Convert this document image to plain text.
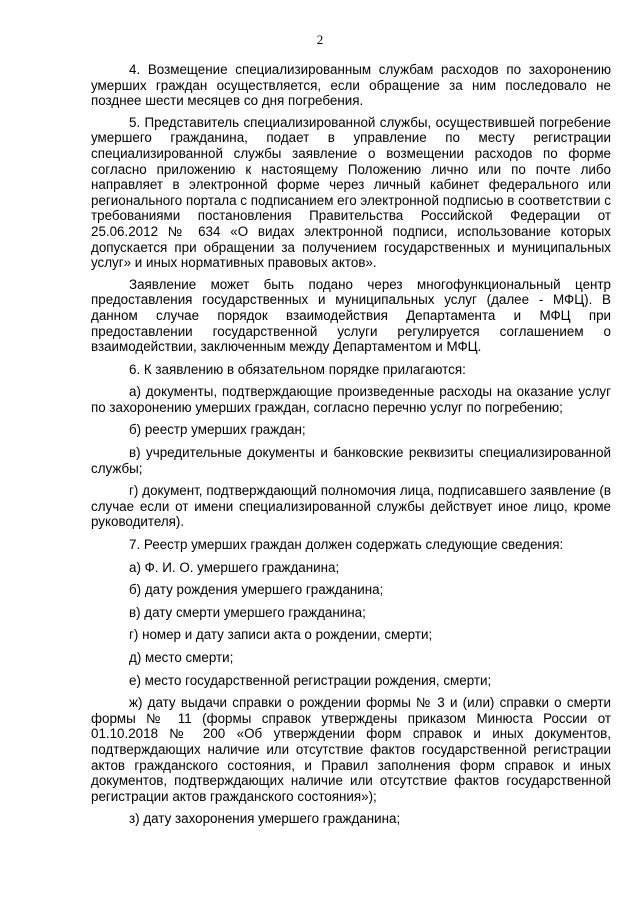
2

4. Возмещение специализированным службам расходов по захоронению умерших граждан осуществляется, если обращение за ним последовало не позднее шести месяцев со дня погребения.

5. Представитель специализированной службы, осуществившей погребение умершего гражданина, подает в управление по месту регистрации специализированной службы заявление о возмещении расходов по форме согласно приложению к настоящему Положению лично или по почте либо направляет в электронной форме через личный кабинет федерального или регионального портала с подписанием его электронной подписью в соответствии с требованиями постановления Правительства Российской Федерации от 25.06.2012 № 634 «О видах электронной подписи, использование которых допускается при обращении за получением государственных и муниципальных услуг» и иных нормативных правовых актов».

Заявление может быть подано через многофункциональный центр предоставления государственных и муниципальных услуг (далее - МФЦ). В данном случае порядок взаимодействия Департамента и МФЦ при предоставлении государственной услуги регулируется соглашением о взаимодействии, заключенным между Департаментом и МФЦ.

6. К заявлению в обязательном порядке прилагаются:

а) документы, подтверждающие произведенные расходы на оказание услуг по захоронению умерших граждан, согласно перечню услуг по погребению;

б) реестр умерших граждан;

в) учредительные документы и банковские реквизиты специализированной службы;

г) документ, подтверждающий полномочия лица, подписавшего заявление (в случае если от имени специализированной службы действует иное лицо, кроме руководителя).

7. Реестр умерших граждан должен содержать следующие сведения:

а) Ф. И. О. умершего гражданина;

б) дату рождения умершего гражданина;

в) дату смерти умершего гражданина;

г) номер и дату записи акта о рождении, смерти;

д) место смерти;

е) место государственной регистрации рождения, смерти;

ж) дату выдачи справки о рождении формы № 3 и (или) справки о смерти формы № 11 (формы справок утверждены приказом Минюста России от 01.10.2018 № 200 «Об утверждении форм справок и иных документов, подтверждающих наличие или отсутствие фактов государственной регистрации актов гражданского состояния, и Правил заполнения форм справок и иных документов, подтверждающих наличие или отсутствие фактов государственной регистрации актов гражданского состояния»);

з) дату захоронения умершего гражданина;
